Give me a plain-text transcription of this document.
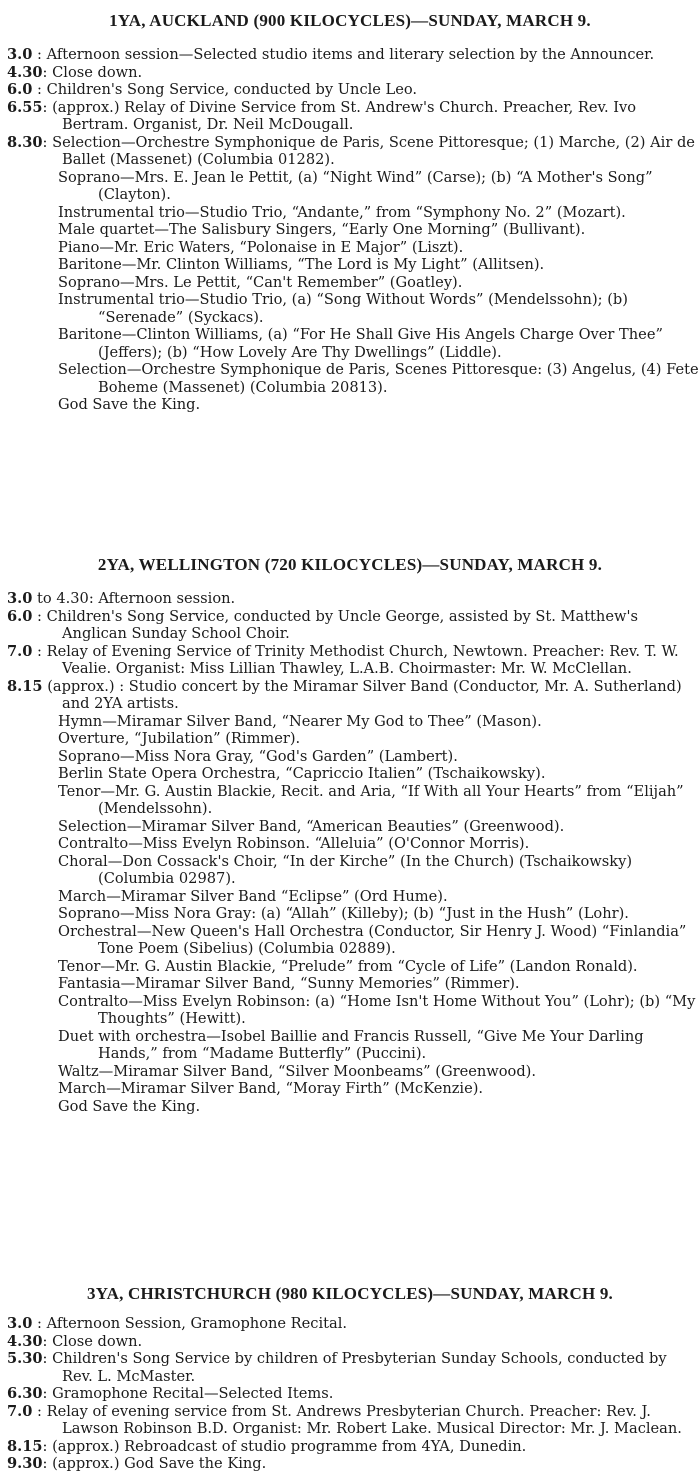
1YA, AUCKLAND (900 KILOCYCLES)—SUNDAY, MARCH 9.
3.0 : Afternoon session—Selected studio items and literary selection by the Announcer.
4.30: Close down.
6.0 : Children's Song Service, conducted by Uncle Leo.
6.55: (approx.) Relay of Divine Service from St. Andrew's Church. Preacher, Rev. Ivo Bertram. Organist, Dr. Neil McDougall.
8.30: Selection—Orchestre Symphonique de Paris, Scene Pittoresque; (1) Marche, (2) Air de Ballet (Massenet) (Columbia 01282).
Soprano—Mrs. E. Jean le Pettit, (a) “Night Wind” (Carse); (b) “A Mother's Song” (Clayton).
Instrumental trio—Studio Trio, “Andante,” from “Symphony No. 2” (Mozart).
Male quartet—The Salisbury Singers, “Early One Morning” (Bullivant).
Piano—Mr. Eric Waters, “Polonaise in E Major” (Liszt).
Baritone—Mr. Clinton Williams, “The Lord is My Light” (Allitsen).
Soprano—Mrs. Le Pettit, “Can't Remember” (Goatley).
Instrumental trio—Studio Trio, (a) “Song Without Words” (Mendelssohn); (b) “Serenade” (Syckacs).
Baritone—Clinton Williams, (a) “For He Shall Give His Angels Charge Over Thee” (Jeffers); (b) “How Lovely Are Thy Dwellings” (Liddle).
Selection—Orchestre Symphonique de Paris, Scenes Pittoresque: (3) Angelus, (4) Fete Boheme (Massenet) (Columbia 20813).
God Save the King.
2YA, WELLINGTON (720 KILOCYCLES)—SUNDAY, MARCH 9.
3.0 to 4.30: Afternoon session.
6.0 : Children's Song Service, conducted by Uncle George, assisted by St. Matthew's Anglican Sunday School Choir.
7.0 : Relay of Evening Service of Trinity Methodist Church, Newtown. Preacher: Rev. T. W. Vealie. Organist: Miss Lillian Thawley, L.A.B. Choirmaster: Mr. W. McClellan.
8.15 (approx.) : Studio concert by the Miramar Silver Band (Conductor, Mr. A. Sutherland) and 2YA artists.
Hymn—Miramar Silver Band, “Nearer My God to Thee” (Mason).
Overture, “Jubilation” (Rimmer).
Soprano—Miss Nora Gray, “God's Garden” (Lambert).
Berlin State Opera Orchestra, “Capriccio Italien” (Tschaikowsky).
Tenor—Mr. G. Austin Blackie, Recit. and Aria, “If With all Your Hearts” from “Elijah” (Mendelssohn).
Selection—Miramar Silver Band, “American Beauties” (Greenwood).
Contralto—Miss Evelyn Robinson. “Alleluia” (O'Connor Morris).
Choral—Don Cossack's Choir, “In der Kirche” (In the Church) (Tschaikowsky) (Columbia 02987).
March—Miramar Silver Band “Eclipse” (Ord Hume).
Soprano—Miss Nora Gray: (a) “Allah” (Killeby); (b) “Just in the Hush” (Lohr).
Orchestral—New Queen's Hall Orchestra (Conductor, Sir Henry J. Wood) “Finlandia” Tone Poem (Sibelius) (Columbia 02889).
Tenor—Mr. G. Austin Blackie, “Prelude” from “Cycle of Life” (Landon Ronald).
Fantasia—Miramar Silver Band, “Sunny Memories” (Rimmer).
Contralto—Miss Evelyn Robinson: (a) “Home Isn't Home Without You” (Lohr); (b) “My Thoughts” (Hewitt).
Duet with orchestra—Isobel Baillie and Francis Russell, “Give Me Your Darling Hands,” from “Madame Butterfly” (Puccini).
Waltz—Miramar Silver Band, “Silver Moonbeams” (Greenwood).
March—Miramar Silver Band, “Moray Firth” (McKenzie).
God Save the King.
3YA, CHRISTCHURCH (980 KILOCYCLES)—SUNDAY, MARCH 9.
3.0 : Afternoon Session, Gramophone Recital.
4.30: Close down.
5.30: Children's Song Service by children of Presbyterian Sunday Schools, conducted by Rev. L. McMaster.
6.30: Gramophone Recital—Selected Items.
7.0 : Relay of evening service from St. Andrews Presbyterian Church. Preacher: Rev. J. Lawson Robinson B.D. Organist: Mr. Robert Lake. Musical Director: Mr. J. Maclean.
8.15: (approx.) Rebroadcast of studio programme from 4YA, Dunedin.
9.30: (approx.) God Save the King.
